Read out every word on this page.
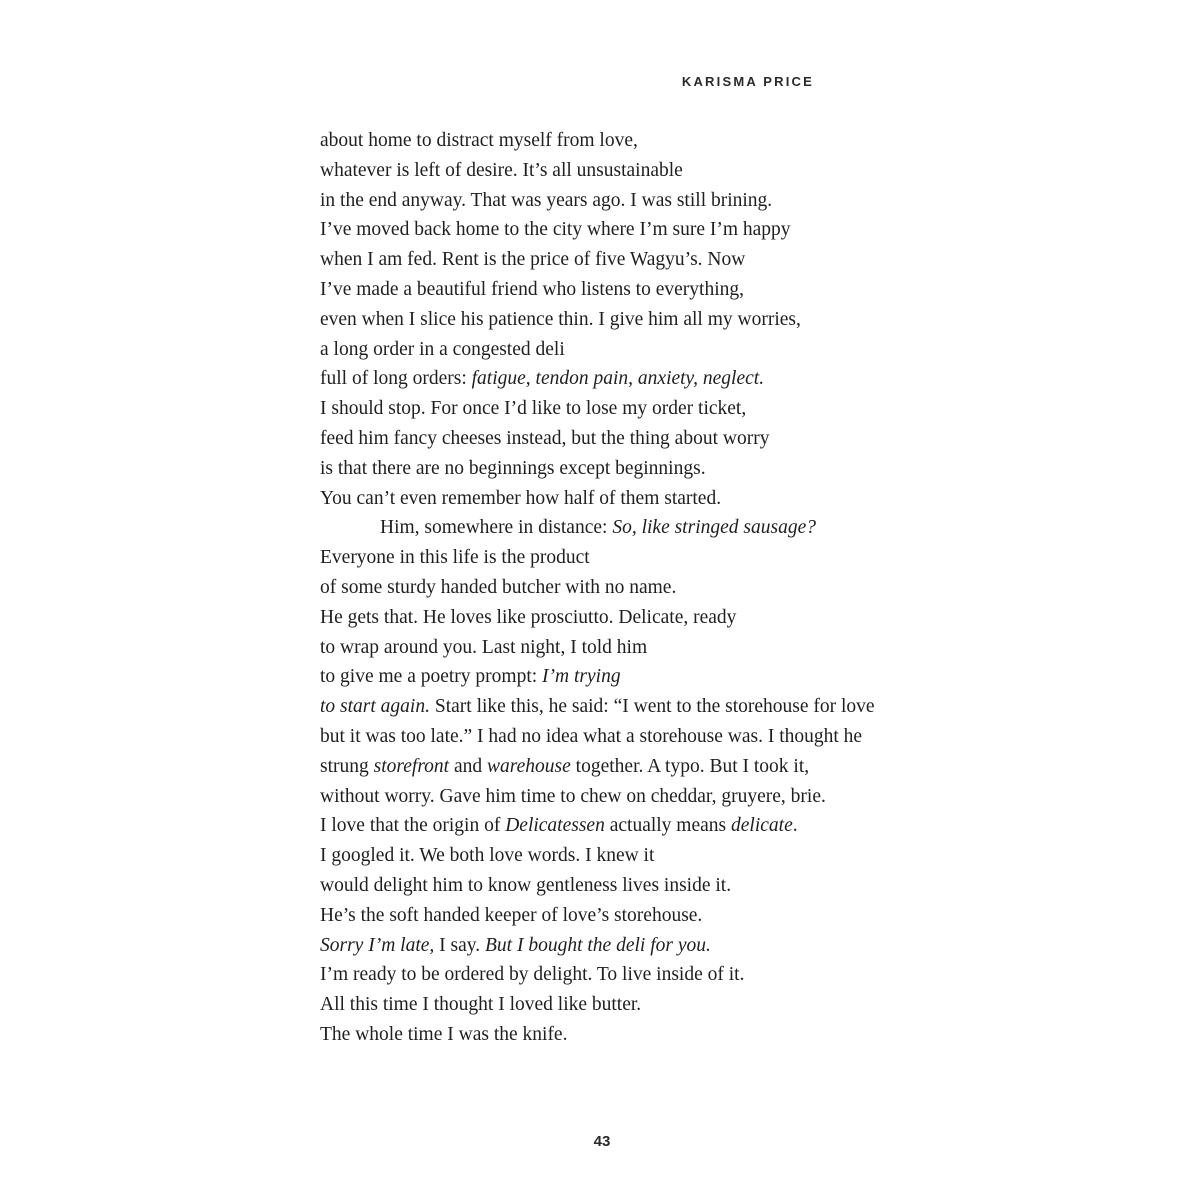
KARISMA PRICE
about home to distract myself from love,
whatever is left of desire. It’s all unsustainable
in the end anyway. That was years ago. I was still brining.
I’ve moved back home to the city where I’m sure I’m happy
when I am fed. Rent is the price of five Wagyu’s. Now
I’ve made a beautiful friend who listens to everything,
even when I slice his patience thin. I give him all my worries,
a long order in a congested deli
full of long orders: fatigue, tendon pain, anxiety, neglect.
I should stop. For once I’d like to lose my order ticket,
feed him fancy cheeses instead, but the thing about worry
is that there are no beginnings except beginnings.
You can’t even remember how half of them started.
Him, somewhere in distance: So, like stringed sausage?
Everyone in this life is the product
of some sturdy handed butcher with no name.
He gets that. He loves like prosciutto. Delicate, ready
to wrap around you. Last night, I told him
to give me a poetry prompt: I’m trying
to start again. Start like this, he said: “I went to the storehouse for love
but it was too late.” I had no idea what a storehouse was. I thought he
strung storefront and warehouse together. A typo. But I took it,
without worry. Gave him time to chew on cheddar, gruyere, brie.
I love that the origin of Delicatessen actually means delicate.
I googled it. We both love words. I knew it
would delight him to know gentleness lives inside it.
He’s the soft handed keeper of love’s storehouse.
Sorry I’m late, I say. But I bought the deli for you.
I’m ready to be ordered by delight. To live inside of it.
All this time I thought I loved like butter.
The whole time I was the knife.
43
